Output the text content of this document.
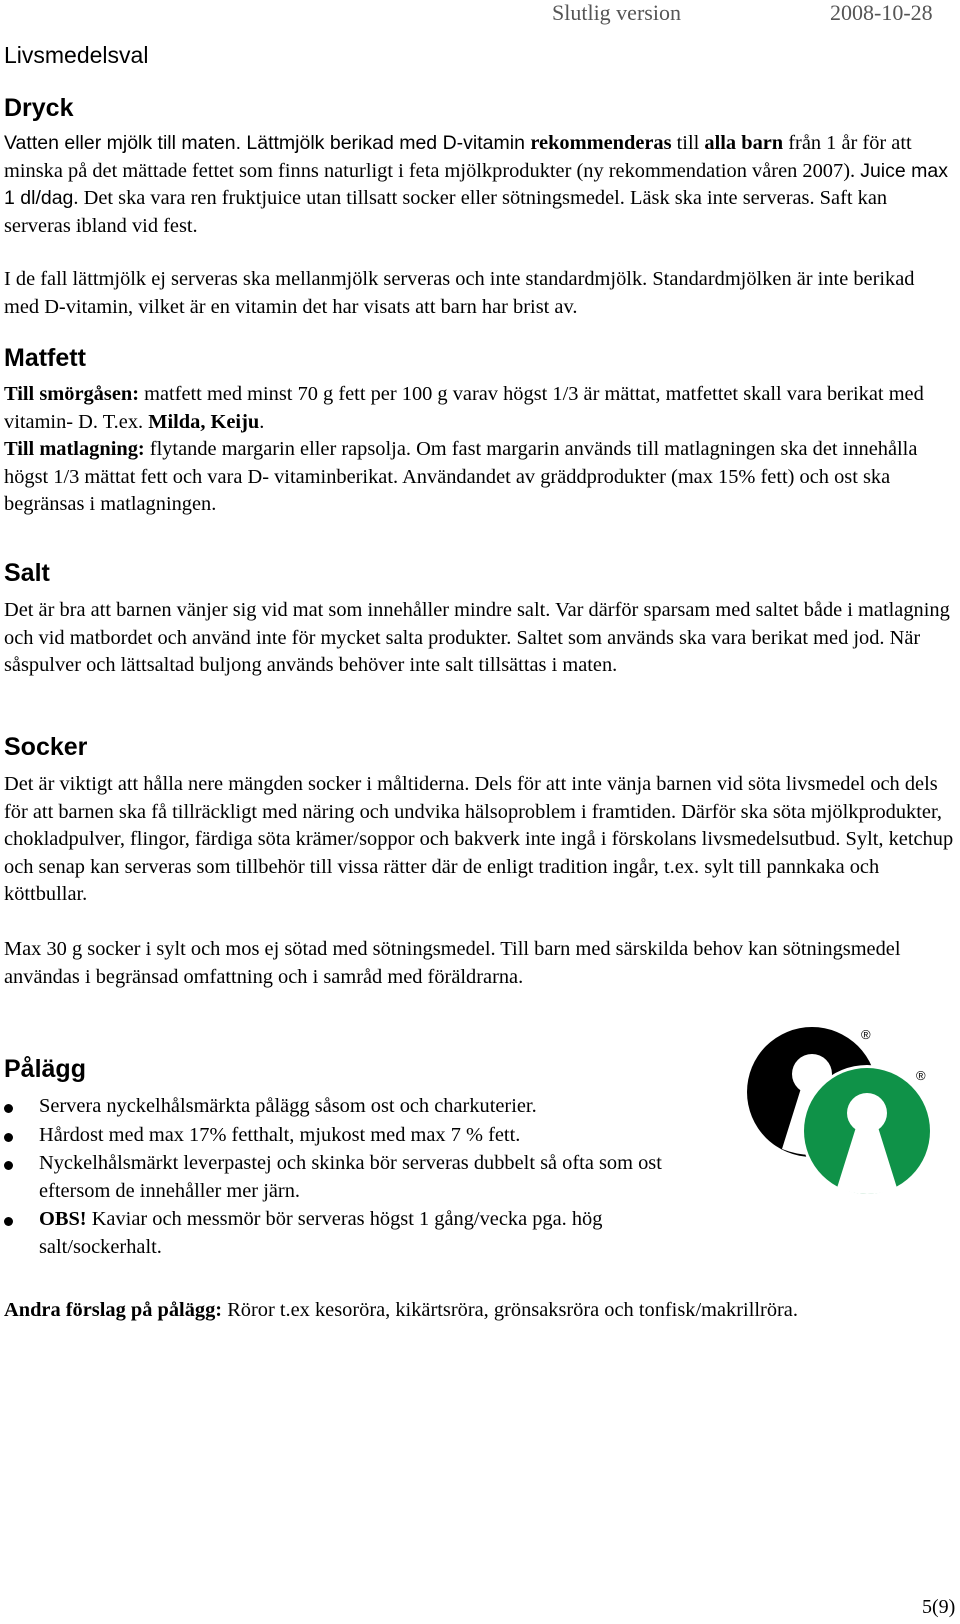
Slutlig version	2008-10-28
Livsmedelsval
Dryck

Vatten eller mjölk till maten. Lättmjölk berikad med D-vitamin rekommenderas till alla barn från 1 år för att minska på det mättade fettet som finns naturligt i feta mjölkprodukter (ny rekommendation våren 2007). Juice max 1 dl/dag. Det ska vara ren fruktjuice utan tillsatt socker eller sötningsmedel. Läsk ska inte serveras. Saft kan serveras ibland vid fest.

I de fall lättmjölk ej serveras ska mellanmjölk serveras och inte standardmjölk. Standardmjölken är inte berikad med D-vitamin, vilket är en vitamin det har visats att barn har brist av.

Matfett

Till smörgåsen: matfett med minst 70 g fett per 100 g varav högst 1/3 är mättat, matfettet skall vara berikat med vitamin- D. T.ex. Milda, Keiju.

Till matlagning: flytande margarin eller rapsolja. Om fast margarin används till matlagningen ska det innehålla högst 1/3 mättat fett och vara D- vitaminberikat. Användandet av gräddprodukter (max 15% fett) och ost ska begränsas i matlagningen.

Salt

Det är bra att barnen vänjer sig vid mat som innehåller mindre salt. Var därför sparsam med saltet både i matlagning och vid matbordet och använd inte för mycket salta produkter. Saltet som används ska vara berikat med jod. När såspulver och lättsaltad buljong används behöver inte salt tillsättas i maten.

Socker

Det är viktigt att hålla nere mängden socker i måltiderna. Dels för att inte vänja barnen vid söta livsmedel och dels för att barnen ska få tillräckligt med näring och undvika hälsoproblem i framtiden. Därför ska söta mjölkprodukter, chokladpulver, flingor, färdiga söta krämer/soppor och bakverk inte ingå i förskolans livsmedelsutbud. Sylt, ketchup och senap kan serveras som tillbehör till vissa rätter där de enligt tradition ingår, t.ex. sylt till pannkaka och köttbullar.

Max 30 g socker i sylt och mos ej sötad med sötningsmedel. Till barn med särskilda behov kan sötningsmedel användas i begränsad omfattning och i samråd med föräldrarna.

Pålägg
Servera nyckelhålsmärkta pålägg såsom ost och charkuterier.
Hårdost med max 17% fetthalt, mjukost med max 7 % fett.
Nyckelhålsmärkt leverpastej och skinka bör serveras dubbelt så ofta som ost eftersom de innehåller mer järn.
OBS! Kaviar och messmör bör serveras högst 1 gång/vecka pga. hög salt/sockerhalt.

Andra förslag på pålägg: Röror t.ex kesoröra, kikärtsröra, grönsaksröra och tonfisk/makrillröra.

®
®
5(9)
